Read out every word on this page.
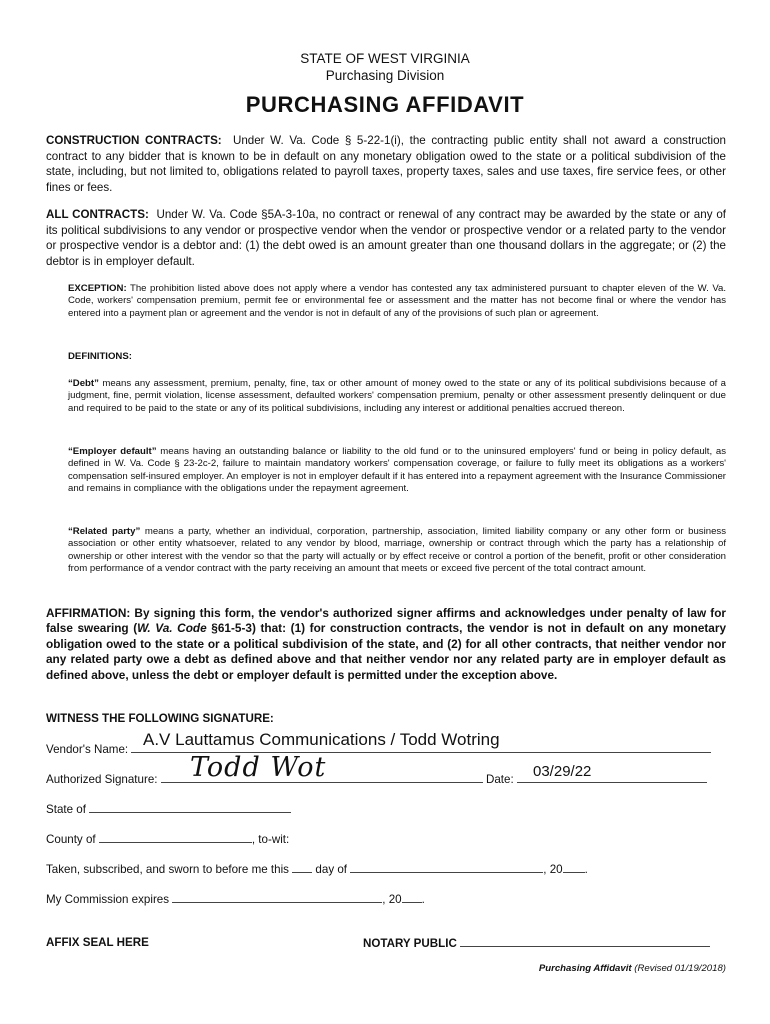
STATE OF WEST VIRGINIA
Purchasing Division
PURCHASING AFFIDAVIT
CONSTRUCTION CONTRACTS: Under W. Va. Code § 5-22-1(i), the contracting public entity shall not award a construction contract to any bidder that is known to be in default on any monetary obligation owed to the state or a political subdivision of the state, including, but not limited to, obligations related to payroll taxes, property taxes, sales and use taxes, fire service fees, or other fines or fees.
ALL CONTRACTS: Under W. Va. Code §5A-3-10a, no contract or renewal of any contract may be awarded by the state or any of its political subdivisions to any vendor or prospective vendor when the vendor or prospective vendor or a related party to the vendor or prospective vendor is a debtor and: (1) the debt owed is an amount greater than one thousand dollars in the aggregate; or (2) the debtor is in employer default.
EXCEPTION: The prohibition listed above does not apply where a vendor has contested any tax administered pursuant to chapter eleven of the W. Va. Code, workers' compensation premium, permit fee or environmental fee or assessment and the matter has not become final or where the vendor has entered into a payment plan or agreement and the vendor is not in default of any of the provisions of such plan or agreement.
DEFINITIONS:
“Debt” means any assessment, premium, penalty, fine, tax or other amount of money owed to the state or any of its political subdivisions because of a judgment, fine, permit violation, license assessment, defaulted workers' compensation premium, penalty or other assessment presently delinquent or due and required to be paid to the state or any of its political subdivisions, including any interest or additional penalties accrued thereon.
“Employer default” means having an outstanding balance or liability to the old fund or to the uninsured employers' fund or being in policy default, as defined in W. Va. Code § 23-2c-2, failure to maintain mandatory workers' compensation coverage, or failure to fully meet its obligations as a workers' compensation self-insured employer. An employer is not in employer default if it has entered into a repayment agreement with the Insurance Commissioner and remains in compliance with the obligations under the repayment agreement.
“Related party” means a party, whether an individual, corporation, partnership, association, limited liability company or any other form or business association or other entity whatsoever, related to any vendor by blood, marriage, ownership or contract through which the party has a relationship of ownership or other interest with the vendor so that the party will actually or by effect receive or control a portion of the benefit, profit or other consideration from performance of a vendor contract with the party receiving an amount that meets or exceed five percent of the total contract amount.
AFFIRMATION: By signing this form, the vendor's authorized signer affirms and acknowledges under penalty of law for false swearing (W. Va. Code §61-5-3) that: (1) for construction contracts, the vendor is not in default on any monetary obligation owed to the state or a political subdivision of the state, and (2) for all other contracts, that neither vendor nor any related party owe a debt as defined above and that neither vendor nor any related party are in employer default as defined above, unless the debt or employer default is permitted under the exception above.
WITNESS THE FOLLOWING SIGNATURE:
Vendor's Name:
A.V Lauttamus Communications / Todd Wotring
Authorized Signature:	Date:
Todd Wot	03/29/22
State of
County of	, to-wit:
Taken, subscribed, and sworn to before me this day of	, 20 .
My Commission expires	, 20 .
AFFIX SEAL HERE	NOTARY PUBLIC
Purchasing Affidavit (Revised 01/19/2018)
